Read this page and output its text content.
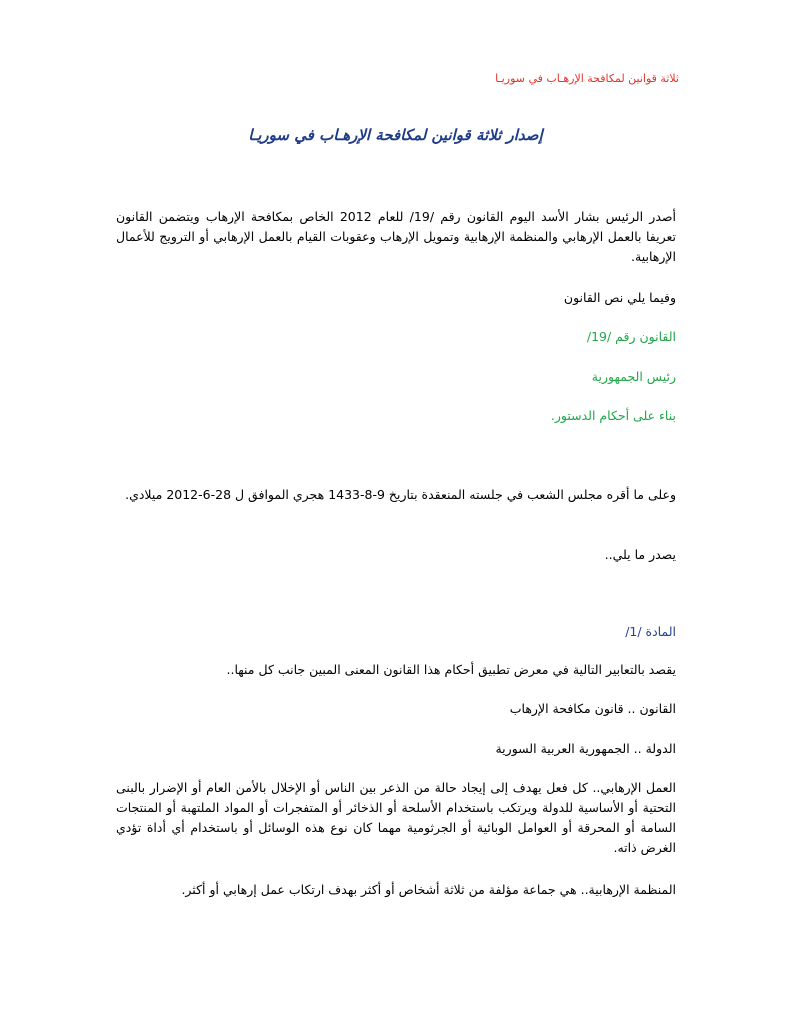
ثلاثة قوانين لمكافحة الإرهـاب في سوريـا
إصدار ثلاثة قوانين لمكافحة الإرهـاب في سوريـا
أصدر الرئيس بشار الأسد اليوم القانون رقم /19/ للعام 2012 الخاص بمكافحة الإرهاب ويتضمن القانون تعريفا بالعمل الإرهابي والمنظمة الإرهابية وتمويل الإرهاب وعقوبات القيام بالعمل الإرهابي أو الترويج للأعمال الإرهابية.
وفيما يلي نص القانون
القانون رقم /19/
رئيس الجمهورية
بناء على أحكام الدستور.
وعلى ما أقره مجلس الشعب في جلسته المنعقدة بتاريخ 9-8-1433 هجري الموافق ل 28-6-2012 ميلادي.
يصدر ما يلي..
المادة /1/
يقصد بالتعابير التالية في معرض تطبيق أحكام هذا القانون المعنى المبين جانب كل منها..
القانون .. قانون مكافحة الإرهاب
الدولة .. الجمهورية العربية السورية
العمل الإرهابي.. كل فعل يهدف إلى إيجاد حالة من الذعر بين الناس أو الإخلال بالأمن العام أو الإضرار بالبنى التحتية أو الأساسية للدولة ويرتكب باستخدام الأسلحة أو الذخائر أو المتفجرات أو المواد الملتهبة أو المنتجات السامة أو المحرقة أو العوامل الوبائية أو الجرثومية مهما كان نوع هذه الوسائل أو باستخدام أي أداة تؤدي الغرض ذاته.
المنظمة الإرهابية.. هي جماعة مؤلفة من ثلاثة أشخاص أو أكثر بهدف ارتكاب عمل إرهابي أو أكثر.
